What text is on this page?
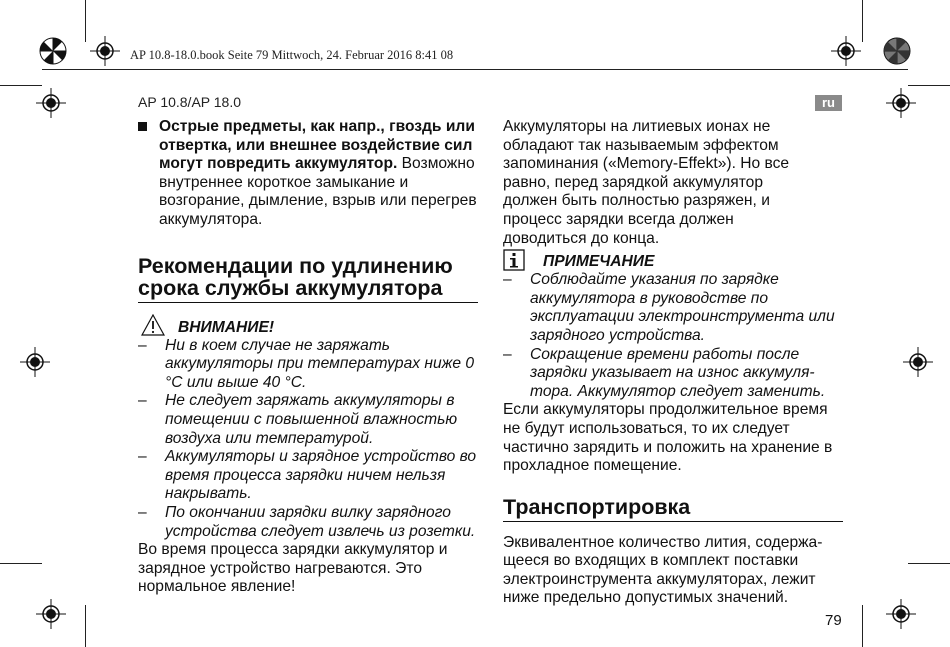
AP 10.8-18.0.book Seite 79 Mittwoch, 24. Februar 2016 8:41 08
AP 10.8/AP 18.0	ru

Острые предметы, как напр., гвоздь или отвертка, или внешнее воздействие сил могут повредить аккумулятор. Возможно внутреннее короткое замыкание и возгорание, дымление, взрыв или перегрев аккумулятора.

Рекомендации по удлинению срока службы аккумулятора
ВНИМАНИЕ!
– Ни в коем случае не заряжать аккумуляторы при температурах ниже 0 °C или выше 40 °C.
– Не следует заряжать аккумуляторы в помещении с повышенной влажностью воздуха или температурой.
– Аккумуляторы и зарядное устройство во время процесса зарядки ничем нельзя накрывать.
– По окончании зарядки вилку зарядного устройства следует извлечь из розетки.

Во время процесса зарядки аккумулятор и зарядное устройство нагреваются. Это нормальное явление!

Аккумуляторы на литиевых ионах не обладают так называемым эффектом запоминания («Memory-Effekt»). Но все равно, перед зарядкой аккумулятор должен быть полностью разряжен, и процесс зарядки всегда должен доводиться до конца.

ПРИМЕЧАНИЕ
– Соблюдайте указания по зарядке аккумулятора в руководстве по эксплуатации электроинструмента или зарядного устройства.
– Сокращение времени работы после зарядки указывает на износ аккумуля-тора. Аккумулятор следует заменить.

Если аккумуляторы продолжительное время не будут использоваться, то их следует частично зарядить и положить на хранение в прохладное помещение.

Транспортировка

Эквивалентное количество лития, содержа-щееся во входящих в комплект поставки электроинструмента аккумуляторах, лежит ниже предельно допустимых значений.

79
